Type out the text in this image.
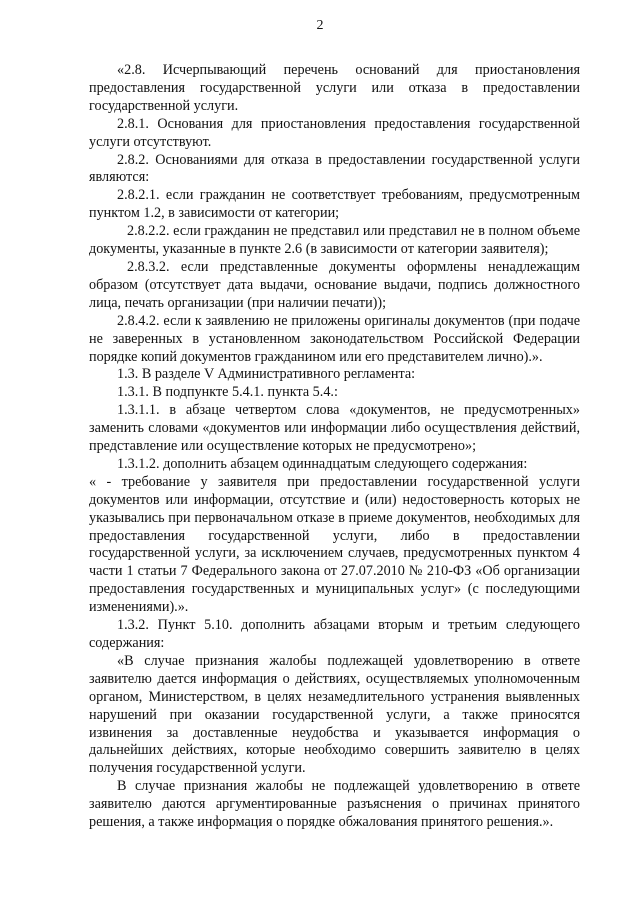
2

«2.8. Исчерпывающий перечень оснований для приостановления предоставления государственной услуги или отказа в предоставлении государственной услуги.

2.8.1. Основания для приостановления предоставления государственной услуги отсутствуют.

2.8.2. Основаниями для отказа в предоставлении государственной услуги являются:

2.8.2.1. если гражданин не соответствует требованиям, предусмотренным пунктом 1.2, в зависимости от категории;

2.8.2.2. если гражданин не представил или представил не в полном объеме документы, указанные в пункте 2.6 (в зависимости от категории заявителя);

2.8.3.2. если представленные документы оформлены ненадлежащим образом (отсутствует дата выдачи, основание выдачи, подпись должностного лица, печать организации (при наличии печати));

2.8.4.2. если к заявлению не приложены оригиналы документов (при подаче не заверенных в установленном законодательством Российской Федерации порядке копий документов гражданином или его представителем лично).».

1.3. В разделе V Административного регламента:

1.3.1. В подпункте 5.4.1. пункта 5.4.:

1.3.1.1. в абзаце четвертом слова «документов, не предусмотренных» заменить словами «документов или информации либо осуществления действий, представление или осуществление которых не предусмотрено»;

1.3.1.2. дополнить абзацем одиннадцатым следующего содержания:

« - требование у заявителя при предоставлении государственной услуги документов или информации, отсутствие и (или) недостоверность которых не указывались при первоначальном отказе в приеме документов, необходимых для предоставления государственной услуги, либо в предоставлении государственной услуги, за исключением случаев, предусмотренных пунктом 4 части 1 статьи 7 Федерального закона от 27.07.2010 № 210-ФЗ «Об организации предоставления государственных и муниципальных услуг» (с последующими изменениями).».

1.3.2. Пункт 5.10. дополнить абзацами вторым и третьим следующего содержания:

«В случае признания жалобы подлежащей удовлетворению в ответе заявителю дается информация о действиях, осуществляемых уполномоченным органом, Министерством, в целях незамедлительного устранения выявленных нарушений при оказании государственной услуги, а также приносятся извинения за доставленные неудобства и указывается информация о дальнейших действиях, которые необходимо совершить заявителю в целях получения государственной услуги.

В случае признания жалобы не подлежащей удовлетворению в ответе заявителю даются аргументированные разъяснения о причинах принятого решения, а также информация о порядке обжалования принятого решения.».
